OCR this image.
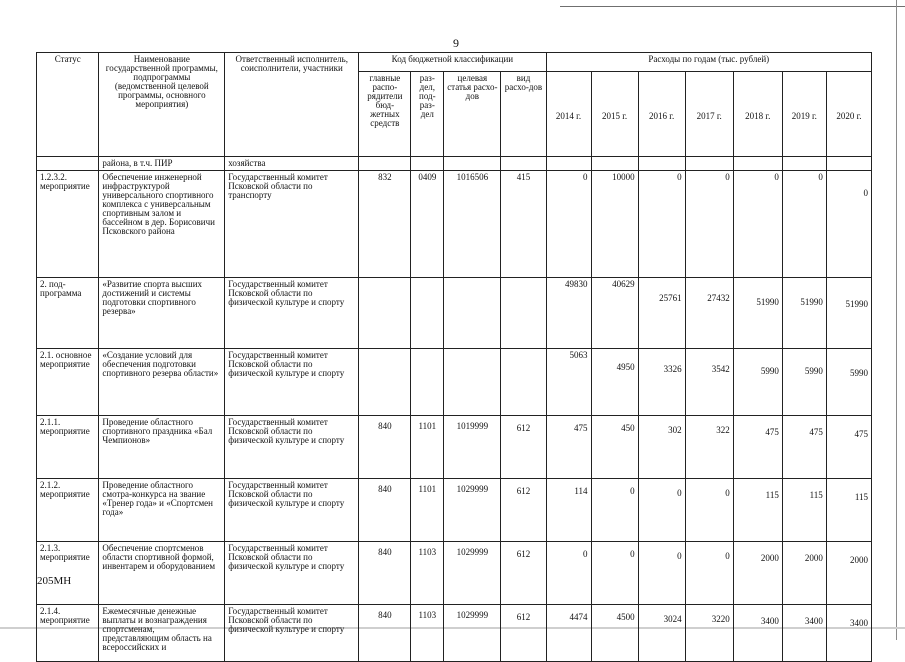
9
Статус	Наименование государственной программы, подпрограммы (ведомственной целевой программы, основного мероприятия)	Ответственный исполнитель, соисполнители, участники	Код бюджетной классификации				Расходы по годам (тыс. рублей)						
			главные распо-рядители бюд-жетных средств	раз-дел, под-раз-дел	целевая статья расхо-дов	вид расхо-дов	2014 г.	2015 г.	2016 г.	2017 г.	2018 г.	2019 г.	2020 г.
	района, в т.ч. ПИР	хозяйства											
1.2.3.2. мероприятие	Обеспечение инженерной инфраструктурой универсального спортивного комплекса с универсальным спортивным залом и бассейном в дер. Борисовичи Псковского района	Государственный комитет Псковской области по транспорту	832	0409	1016506	415	0	10000	0	0	0	0	0
2. под-программа	«Развитие спорта высших достижений и системы подготовки спортивного резерва»	Государственный комитет Псковской области по физической культуре и спорту					49830	40629	25761	27432	51990	51990	51990
2.1. основное мероприятие	«Создание условий для обеспечения подготовки спортивного резерва области»	Государственный комитет Псковской области по физической культуре и спорту					5063	4950	3326	3542	5990	5990	5990
2.1.1. мероприятие	Проведение областного спортивного праздника «Бал Чемпионов»	Государственный комитет Псковской области по физической культуре и спорту	840	1101	1019999	612	475	450	302	322	475	475	475
2.1.2. мероприятие	Проведение областного смотра-конкурса на звание «Тренер года» и «Спортсмен года»	Государственный комитет Псковской области по физической культуре и спорту	840	1101	1029999	612	114	0	0	0	115	115	115
2.1.3. мероприятие	Обеспечение спортсменов области спортивной формой, инвентарем и оборудованием	Государственный комитет Псковской области по физической культуре и спорту	840	1103	1029999	612	0	0	0	0	2000	2000	2000
2.1.4. мероприятие	Ежемесячные денежные выплаты и вознаграждения спортсменам, представляющим область на всероссийских и	Государственный комитет Псковской области по физической культуре и спорту	840	1103	1029999	612	4474	4500	3024	3220	3400	3400	3400
205МН
